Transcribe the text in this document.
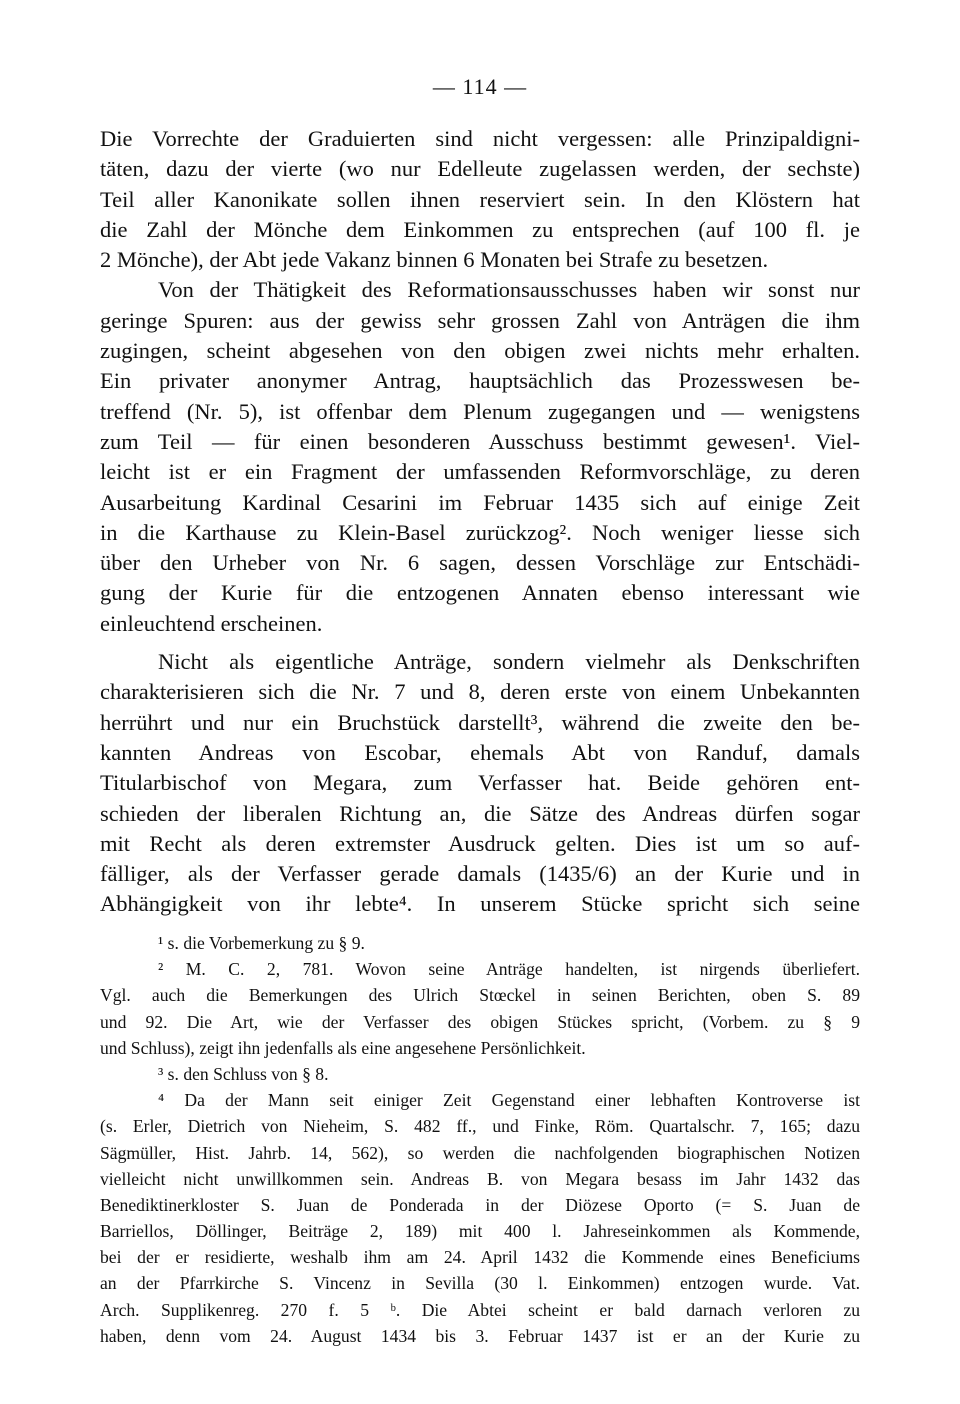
— 114 —
Die Vorrechte der Graduierten sind nicht vergessen: alle Prinzipaldigni-
täten, dazu der vierte (wo nur Edelleute zugelassen werden, der sechste)
Teil aller Kanonikate sollen ihnen reserviert sein. In den Klöstern hat
die Zahl der Mönche dem Einkommen zu entsprechen (auf 100 fl. je
2 Mönche), der Abt jede Vakanz binnen 6 Monaten bei Strafe zu besetzen.
Von der Thätigkeit des Reformationsausschusses haben wir sonst nur
geringe Spuren: aus der gewiss sehr grossen Zahl von Anträgen die ihm
zugingen, scheint abgesehen von den obigen zwei nichts mehr erhalten.
Ein privater anonymer Antrag, hauptsächlich das Prozesswesen be-
treffend (Nr. 5), ist offenbar dem Plenum zugegangen und — wenigstens
zum Teil — für einen besonderen Ausschuss bestimmt gewesen¹. Viel-
leicht ist er ein Fragment der umfassenden Reformvorschläge, zu deren
Ausarbeitung Kardinal Cesarini im Februar 1435 sich auf einige Zeit
in die Karthause zu Klein-Basel zurückzog². Noch weniger liesse sich
über den Urheber von Nr. 6 sagen, dessen Vorschläge zur Entschädi-
gung der Kurie für die entzogenen Annaten ebenso interessant wie
einleuchtend erscheinen.
Nicht als eigentliche Anträge, sondern vielmehr als Denkschriften
charakterisieren sich die Nr. 7 und 8, deren erste von einem Unbekannten
herrührt und nur ein Bruchstück darstellt³, während die zweite den be-
kannten Andreas von Escobar, ehemals Abt von Randuf, damals
Titularbischof von Megara, zum Verfasser hat. Beide gehören ent-
schieden der liberalen Richtung an, die Sätze des Andreas dürfen sogar
mit Recht als deren extremster Ausdruck gelten. Dies ist um so auf-
fälliger, als der Verfasser gerade damals (1435/6) an der Kurie und in
Abhängigkeit von ihr lebte⁴. In unserem Stücke spricht sich seine
¹ s. die Vorbemerkung zu § 9.
² M. C. 2, 781. Wovon seine Anträge handelten, ist nirgends überliefert.
Vgl. auch die Bemerkungen des Ulrich Stœckel in seinen Berichten, oben S. 89
und 92. Die Art, wie der Verfasser des obigen Stückes spricht, (Vorbem. zu § 9
und Schluss), zeigt ihn jedenfalls als eine angesehene Persönlichkeit.
³ s. den Schluss von § 8.
⁴ Da der Mann seit einiger Zeit Gegenstand einer lebhaften Kontroverse ist
(s. Erler, Dietrich von Nieheim, S. 482 ff., und Finke, Röm. Quartalschr. 7, 165; dazu
Sägmüller, Hist. Jahrb. 14, 562), so werden die nachfolgenden biographischen Notizen
vielleicht nicht unwillkommen sein. Andreas B. von Megara besass im Jahr 1432 das
Benediktinerkloster S. Juan de Ponderada in der Diözese Oporto (= S. Juan de
Barriellos, Döllinger, Beiträge 2, 189) mit 400 l. Jahreseinkommen als Kommende,
bei der er residierte, weshalb ihm am 24. April 1432 die Kommende eines Beneficiums
an der Pfarrkirche S. Vincenz in Sevilla (30 l. Einkommen) entzogen wurde. Vat.
Arch. Supplikenreg. 270 f. 5 ᵇ. Die Abtei scheint er bald darnach verloren zu
haben, denn vom 24. August 1434 bis 3. Februar 1437 ist er an der Kurie zu
